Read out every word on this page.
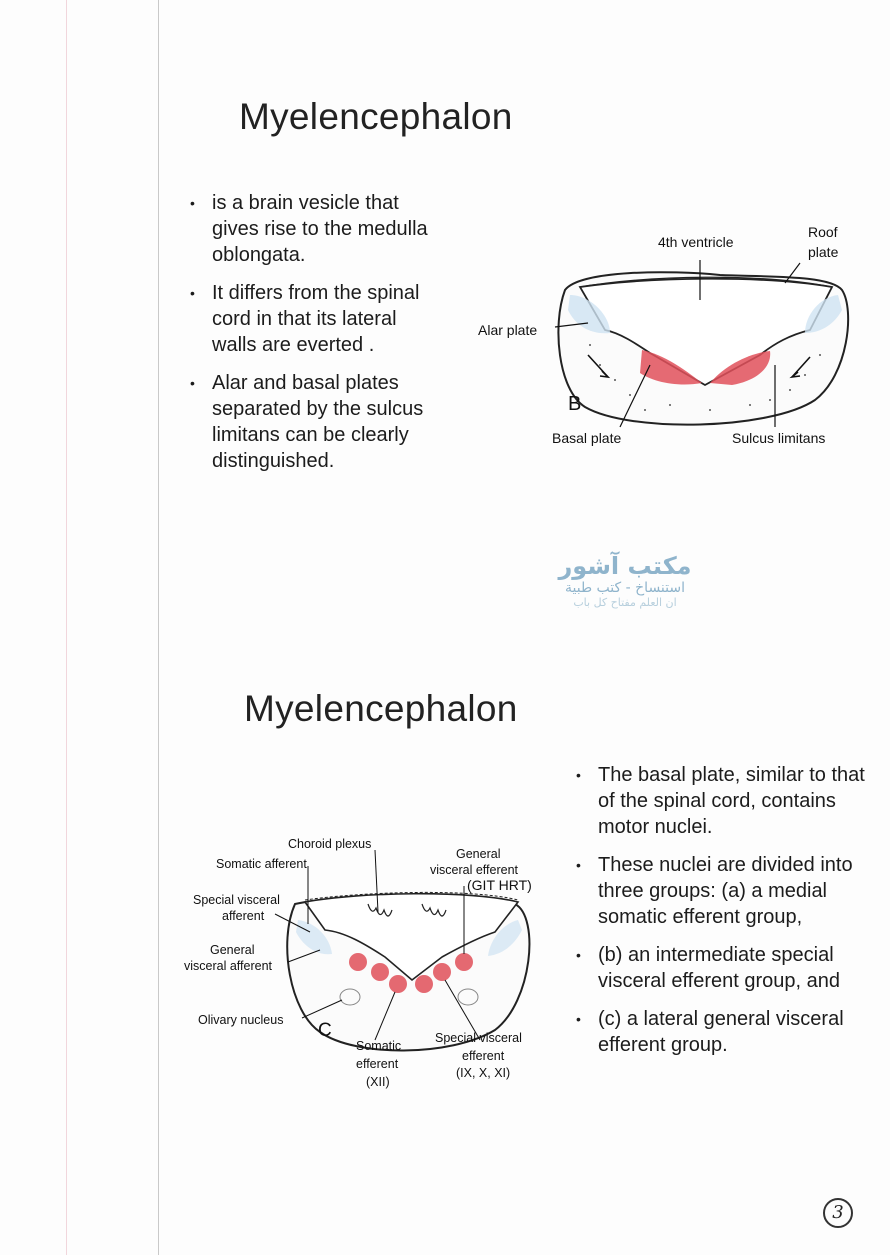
Myelencephalon
• is a brain vesicle that gives rise to the medulla oblongata.
• It differs from the spinal cord in that its lateral walls are everted .
• Alar and basal plates separated by the sulcus limitans can be clearly distinguished.
4th ventricle
Roof
plate
Alar plate
B
Basal plate	Sulcus limitans
مكتب آشور
استنساخ - كتب طبية
ان العلم مفتاح كل باب
Myelencephalon
• The basal plate, similar to that of the spinal cord, contains motor nuclei.
• These nuclei are divided into three groups: (a) a medial somatic efferent group,
• (b) an intermediate special visceral efferent group, and
• (c) a lateral general visceral efferent group.
Choroid plexus
Somatic afferent
General
visceral efferent
(GIT HRT)
Special visceral
afferent
General
visceral afferent
Olivary nucleus C
Somatic
efferent
(XII)
Special visceral
efferent
(IX, X, XI)
3
